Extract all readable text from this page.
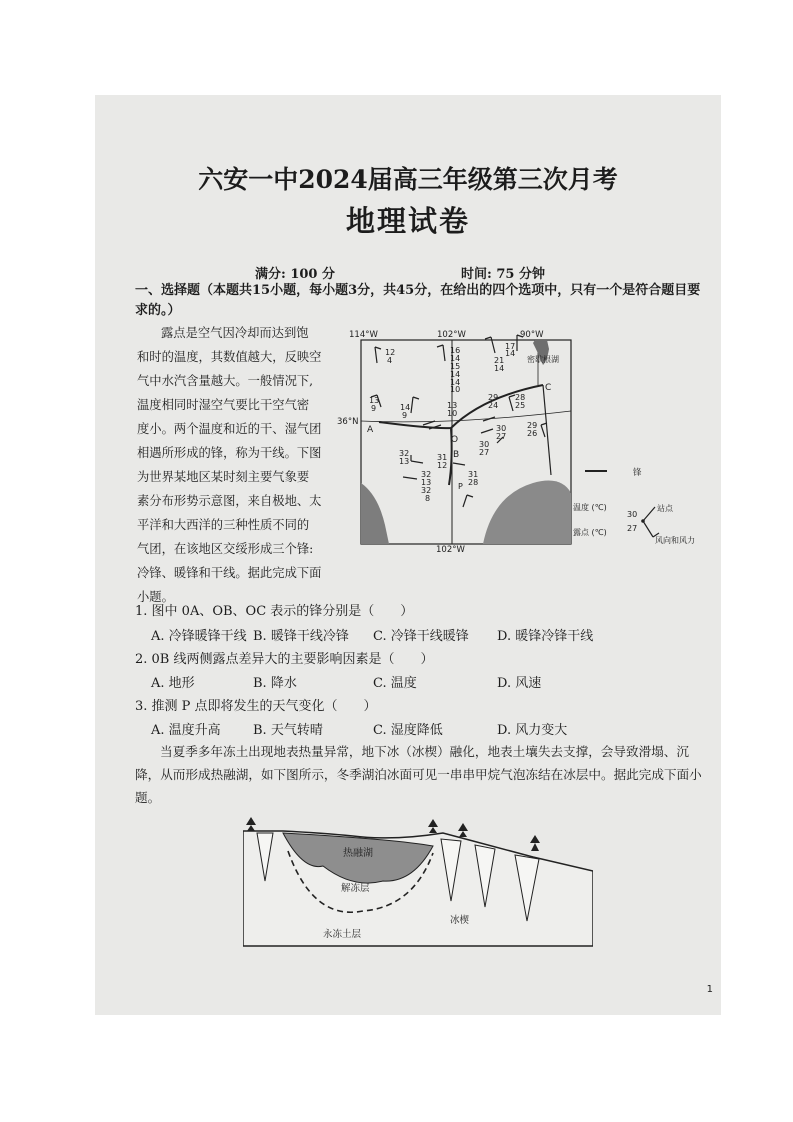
六安一中2024届高三年级第三次月考
地理试卷
满分: 100 分	时间: 75 分钟
一、选择题（本题共15小题，每小题3分，共45分，在给出的四个选项中，只有一个是符合题目要求的。）
露点是空气因冷却而达到饱
和时的温度，其数值越大，反映空
气中水汽含量越大。一般情况下,
温度相同时湿空气要比干空气密
度小。两个温度和近的干、湿气团
相遇所形成的锋，称为干线。下图
为世界某地区某时刻主要气象要
素分布形势示意图，来自极地、太
平洋和大西洋的三种性质不同的
气团，在该地区交绥形成三个锋:
冷锋、暖锋和干线。据此完成下面
小题。
114°W	102°W	90°W
36°N
密歇根湖
A
O
C
B
P
12
4
16
14
15
14
14
10
17
14
21
14
13
9	14
9
13
10
29
24
28
25
30
27
29
26
30
27
32
13	31
12
32
13
32
8
31
28
102°W
锋
温度 (℃)
露点 (℃)
30
27
站点
风向和风力
1. 图中 0A、OB、OC 表示的锋分别是（　　）
A. 冷锋暖锋干线 B. 暖锋干线冷锋 C. 冷锋干线暖锋 D. 暖锋冷锋干线
2. 0B 线两侧露点差异大的主要影响因素是（　　）
A. 地形	B. 降水	C. 温度	D. 风速
3. 推测 P 点即将发生的天气变化（　　）
A. 温度升高 B. 天气转晴	C. 湿度降低	D. 风力变大
当夏季多年冻土出现地表热量异常，地下冰（冰楔）融化，地表土壤失去支撑，会导致滑塌、沉降，从而形成热融湖，如下图所示，冬季湖泊冰面可见一串串甲烷气泡冻结在冰层中。据此完成下面小题。
热融湖
解冻层
冰楔
永冻土层
1
